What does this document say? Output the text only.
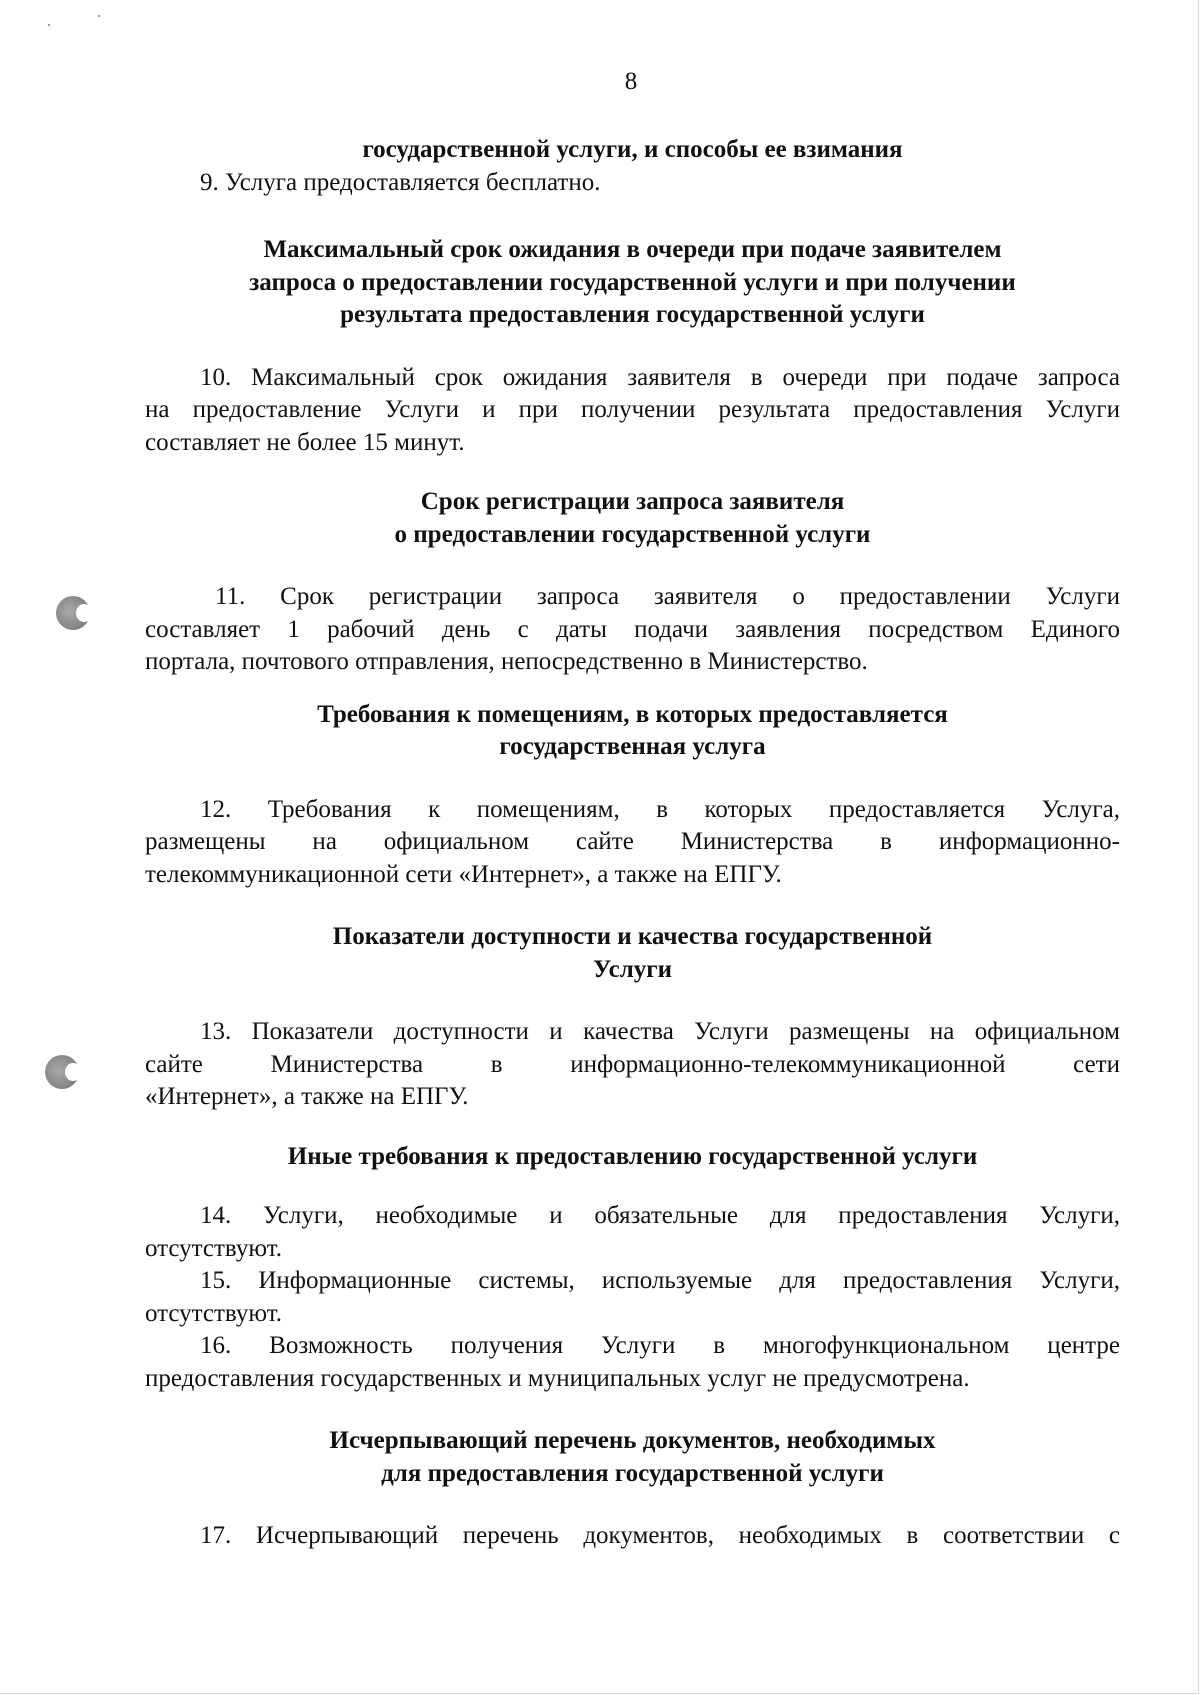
8
государственной услуги, и способы ее взимания
9. Услуга предоставляется бесплатно.
Максимальный срок ожидания в очереди при подаче заявителем
запроса о предоставлении государственной услуги и при получении
результата предоставления государственной услуги
10. Максимальный срок ожидания заявителя в очереди при подаче запроса
на предоставление Услуги и при получении результата предоставления Услуги
составляет не более 15 минут.
Срок регистрации запроса заявителя
о предоставлении государственной услуги
11. Срок регистрации запроса заявителя о предоставлении Услуги
составляет 1 рабочий день с даты подачи заявления посредством Единого
портала, почтового отправления, непосредственно в Министерство.
Требования к помещениям, в которых предоставляется
государственная услуга
12. Требования к помещениям, в которых предоставляется Услуга,
размещены на официальном сайте Министерства в информационно-
телекоммуникационной сети «Интернет», а также на ЕПГУ.
Показатели доступности и качества государственной
Услуги
13. Показатели доступности и качества Услуги размещены на официальном
сайте Министерства в информационно-телекоммуникационной сети
«Интернет», а также на ЕПГУ.
Иные требования к предоставлению государственной услуги
14. Услуги, необходимые и обязательные для предоставления Услуги,
отсутствуют.
15. Информационные системы, используемые для предоставления Услуги,
отсутствуют.
16. Возможность получения Услуги в многофункциональном центре
предоставления государственных и муниципальных услуг не предусмотрена.
Исчерпывающий перечень документов, необходимых
для предоставления государственной услуги
17. Исчерпывающий перечень документов, необходимых в соответствии с
